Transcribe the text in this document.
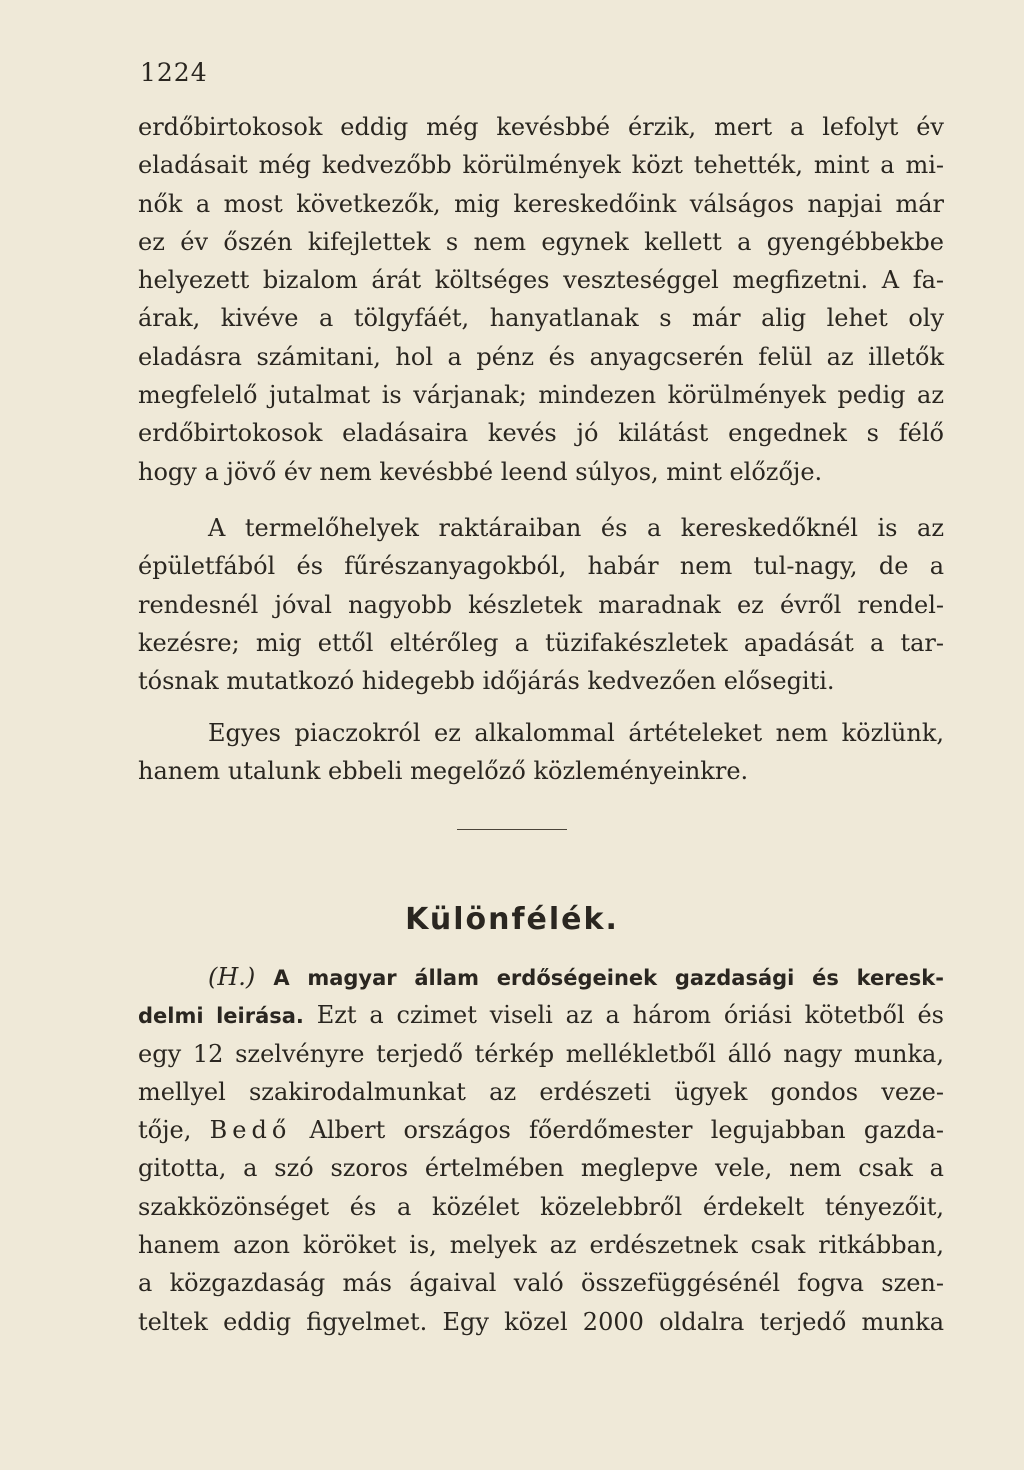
1224
erdőbirtokosok eddig még kevésbbé érzik, mert a lefolyt év
eladásait még kedvezőbb körülmények közt tehették, mint a mi-
nők a most következők, mig kereskedőink válságos napjai már
ez év őszén kifejlettek s nem egynek kellett a gyengébbekbe
helyezett bizalom árát költséges veszteséggel megfizetni. A fa-
árak, kivéve a tölgyfáét, hanyatlanak s már alig lehet oly
eladásra számitani, hol a pénz és anyagcserén felül az illetők
megfelelő jutalmat is várjanak; mindezen körülmények pedig az
erdőbirtokosok eladásaira kevés jó kilátást engednek s félő
hogy a jövő év nem kevésbbé leend súlyos, mint előzője.
A termelőhelyek raktáraiban és a kereskedőknél is az
épületfából és fűrészanyagokból, habár nem tul-nagy, de a
rendesnél jóval nagyobb készletek maradnak ez évről rendel-
kezésre; mig ettől eltérőleg a tüzifakészletek apadását a tar-
tósnak mutatkozó hidegebb időjárás kedvezően elősegiti.
Egyes piaczokról ez alkalommal ártételeket nem közlünk,
hanem utalunk ebbeli megelőző közleményeinkre.
Különfélék.
(H.) A magyar állam erdőségeinek gazdasági és keresk-
delmi leirása. Ezt a czimet viseli az a három óriási kötetből és
egy 12 szelvényre terjedő térkép mellékletből álló nagy munka,
mellyel szakirodalmunkat az erdészeti ügyek gondos veze-
tője, Bedő Albert országos főerdőmester legujabban gazda-
gitotta, a szó szoros értelmében meglepve vele, nem csak a
szakközönséget és a közélet közelebbről érdekelt tényezőit,
hanem azon köröket is, melyek az erdészetnek csak ritkábban,
a közgazdaság más ágaival való összefüggésénél fogva szen-
teltek eddig figyelmet. Egy közel 2000 oldalra terjedő munka
